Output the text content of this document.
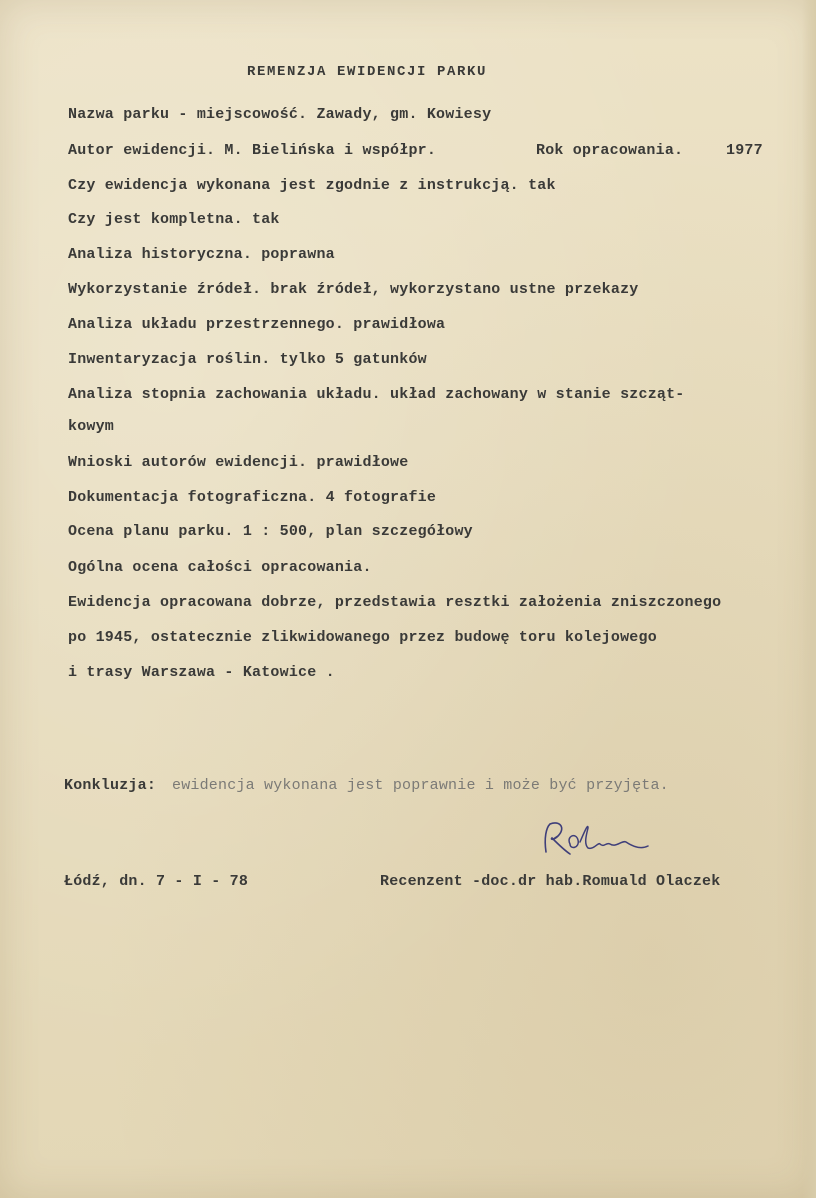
REMENZJA EWIDENCJI PARKU
Nazwa parku - miejscowość. Zawady, gm. Kowiesy
Autor ewidencji. M. Bielińska i współpr.	Rok opracowania.	1977
Czy ewidencja wykonana jest zgodnie z instrukcją. tak
Czy jest kompletna. tak
Analiza historyczna. poprawna
Wykorzystanie źródeł. brak źródeł, wykorzystano ustne przekazy
Analiza układu przestrzennego. prawidłowa
Inwentaryzacja roślin. tylko 5 gatunków
Analiza stopnia zachowania układu. układ zachowany w stanie szcząt-
kowym
Wnioski autorów ewidencji. prawidłowe
Dokumentacja fotograficzna. 4 fotografie
Ocena planu parku. 1 : 500, plan szczegółowy
Ogólna ocena całości opracowania.
Ewidencja opracowana dobrze, przedstawia resztki założenia zniszczonego
po 1945, ostatecznie zlikwidowanego przez budowę toru kolejowego
i trasy Warszawa - Katowice .
Konkluzja: ewidencja wykonana jest poprawnie i może być przyjęta.
Łódź, dn. 7 - I - 78	Recenzent -doc.dr hab.Romuald Olaczek
